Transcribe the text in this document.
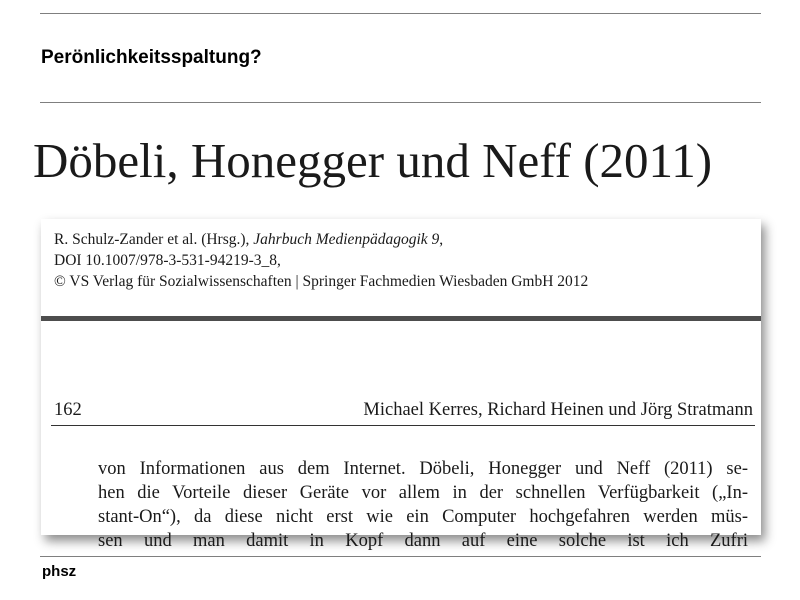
Perönlichkeitsspaltung?
Döbeli, Honegger und Neff (2011)
R. Schulz-Zander et al. (Hrsg.), Jahrbuch Medienpädagogik 9,
DOI 10.1007/978-3-531-94219-3_8,
© VS Verlag für Sozialwissenschaften | Springer Fachmedien Wiesbaden GmbH 2012
162	Michael Kerres, Richard Heinen und Jörg Stratmann
von Informationen aus dem Internet. Döbeli, Honegger und Neff (2011) se-
hen die Vorteile dieser Geräte vor allem in der schnellen Verfügbarkeit („In-
stant-On“), da diese nicht erst wie ein Computer hochgefahren werden müs-
sen und man damit in Kopf dann auf eine solche ist ich Zufri
phsz
